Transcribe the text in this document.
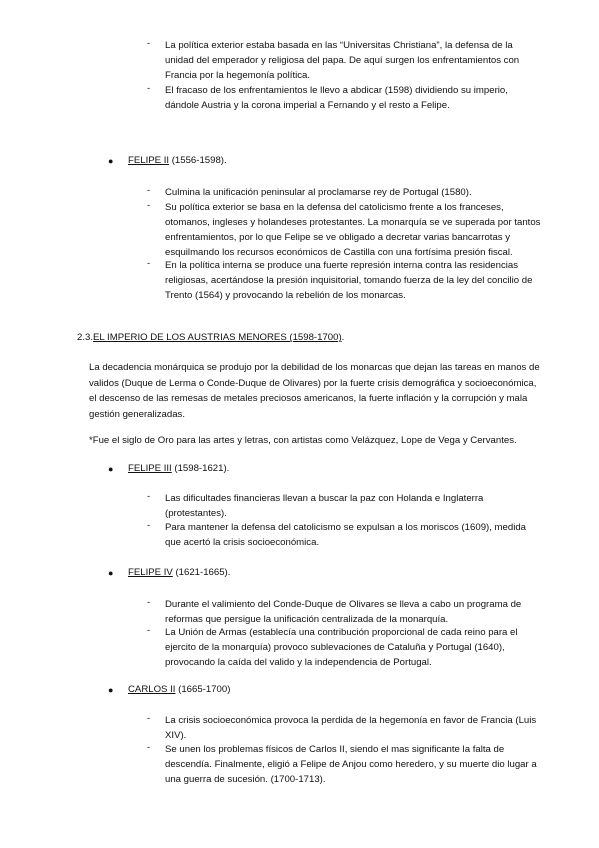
-	La política exterior estaba basada en las “Universitas Christiana”, la defensa de la unidad del emperador y religiosa del papa. De aquí surgen los enfrentamientos con Francia por la hegemonía política.
-	El fracaso de los enfrentamientos le llevo a abdicar (1598) dividiendo su imperio, dándole Austria y la corona imperial a Fernando y el resto a Felipe.
● FELIPE II (1556-1598).
-	Culmina la unificación peninsular al proclamarse rey de Portugal (1580).
-	Su política exterior se basa en la defensa del catolicismo frente a los franceses, otomanos, ingleses y holandeses protestantes. La monarquía se ve superada por tantos enfrentamientos, por lo que Felipe se ve obligado a decretar varias bancarrotas y esquilmando los recursos económicos de Castilla con una fortísima presión fiscal.
-	En la política interna se produce una fuerte represión interna contra las residencias religiosas, acertándose la presión inquisitorial, tomando fuerza de la ley del concilio de Trento (1564) y provocando la rebelión de los monarcas.
2.3.EL IMPERIO DE LOS AUSTRIAS MENORES (1598-1700).
La decadencia monárquica se produjo por la debilidad de los monarcas que dejan las tareas en manos de validos (Duque de Lerma o Conde-Duque de Olivares) por la fuerte crisis demográfica y socioeconómica, el descenso de las remesas de metales preciosos americanos, la fuerte inflación y la corrupción y mala gestión generalizadas.
*Fue el siglo de Oro para las artes y letras, con artistas como Velázquez, Lope de Vega y Cervantes.
● FELIPE III (1598-1621).
-	Las dificultades financieras llevan a buscar la paz con Holanda e Inglaterra (protestantes).
-	Para mantener la defensa del catolicismo se expulsan a los moriscos (1609), medida que acertó la crisis socioeconómica.
● FELIPE IV (1621-1665).
-	Durante el valimiento del Conde-Duque de Olivares se lleva a cabo un programa de reformas que persigue la unificación centralizada de la monarquía.
-	La Unión de Armas (establecía una contribución proporcional de cada reino para el ejercito de la monarquía) provoco sublevaciones de Cataluña y Portugal (1640), provocando la caída del valido y la independencia de Portugal.
● CARLOS II (1665-1700)
-	La crisis socioeconómica provoca la perdida de la hegemonía en favor de Francia (Luis XIV).
-	Se unen los problemas físicos de Carlos II, siendo el mas significante la falta de descendía. Finalmente, eligió a Felipe de Anjou como heredero, y su muerte dio lugar a una guerra de sucesión. (1700-1713).
